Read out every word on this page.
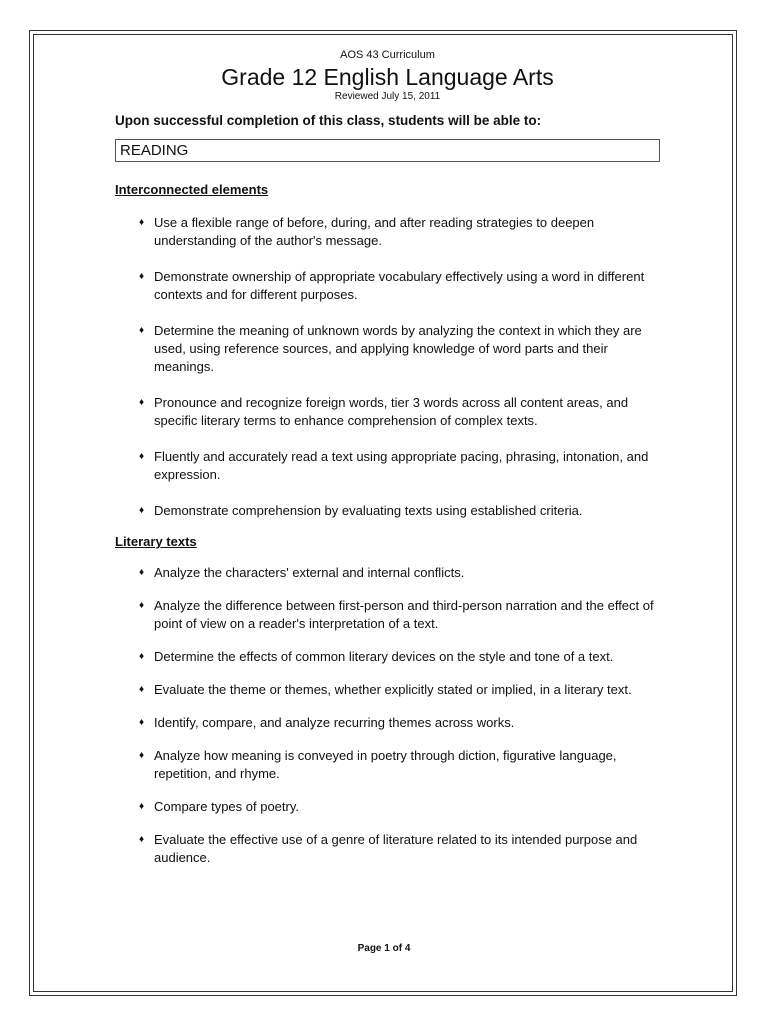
AOS 43 Curriculum
Grade 12 English Language Arts
Reviewed July 15, 2011
Upon successful completion of this class, students will be able to:
READING
Interconnected elements
♦ Use a flexible range of before, during, and after reading strategies to deepen understanding of the author's message.
♦ Demonstrate ownership of appropriate vocabulary effectively using a word in different contexts and for different purposes.
♦ Determine the meaning of unknown words by analyzing the context in which they are used, using reference sources, and applying knowledge of word parts and their meanings.
♦ Pronounce and recognize foreign words, tier 3 words across all content areas, and specific literary terms to enhance comprehension of complex texts.
♦ Fluently and accurately read a text using appropriate pacing, phrasing, intonation, and expression.
♦ Demonstrate comprehension by evaluating texts using established criteria.
Literary texts
♦ Analyze the characters' external and internal conflicts.
♦ Analyze the difference between first-person and third-person narration and the effect of point of view on a reader's interpretation of a text.
♦ Determine the effects of common literary devices on the style and tone of a text.
♦ Evaluate the theme or themes, whether explicitly stated or implied, in a literary text.
♦ Identify, compare, and analyze recurring themes across works.
♦ Analyze how meaning is conveyed in poetry through diction, figurative language, repetition, and rhyme.
♦ Compare types of poetry.
♦ Evaluate the effective use of a genre of literature related to its intended purpose and audience.
Page 1 of 4
